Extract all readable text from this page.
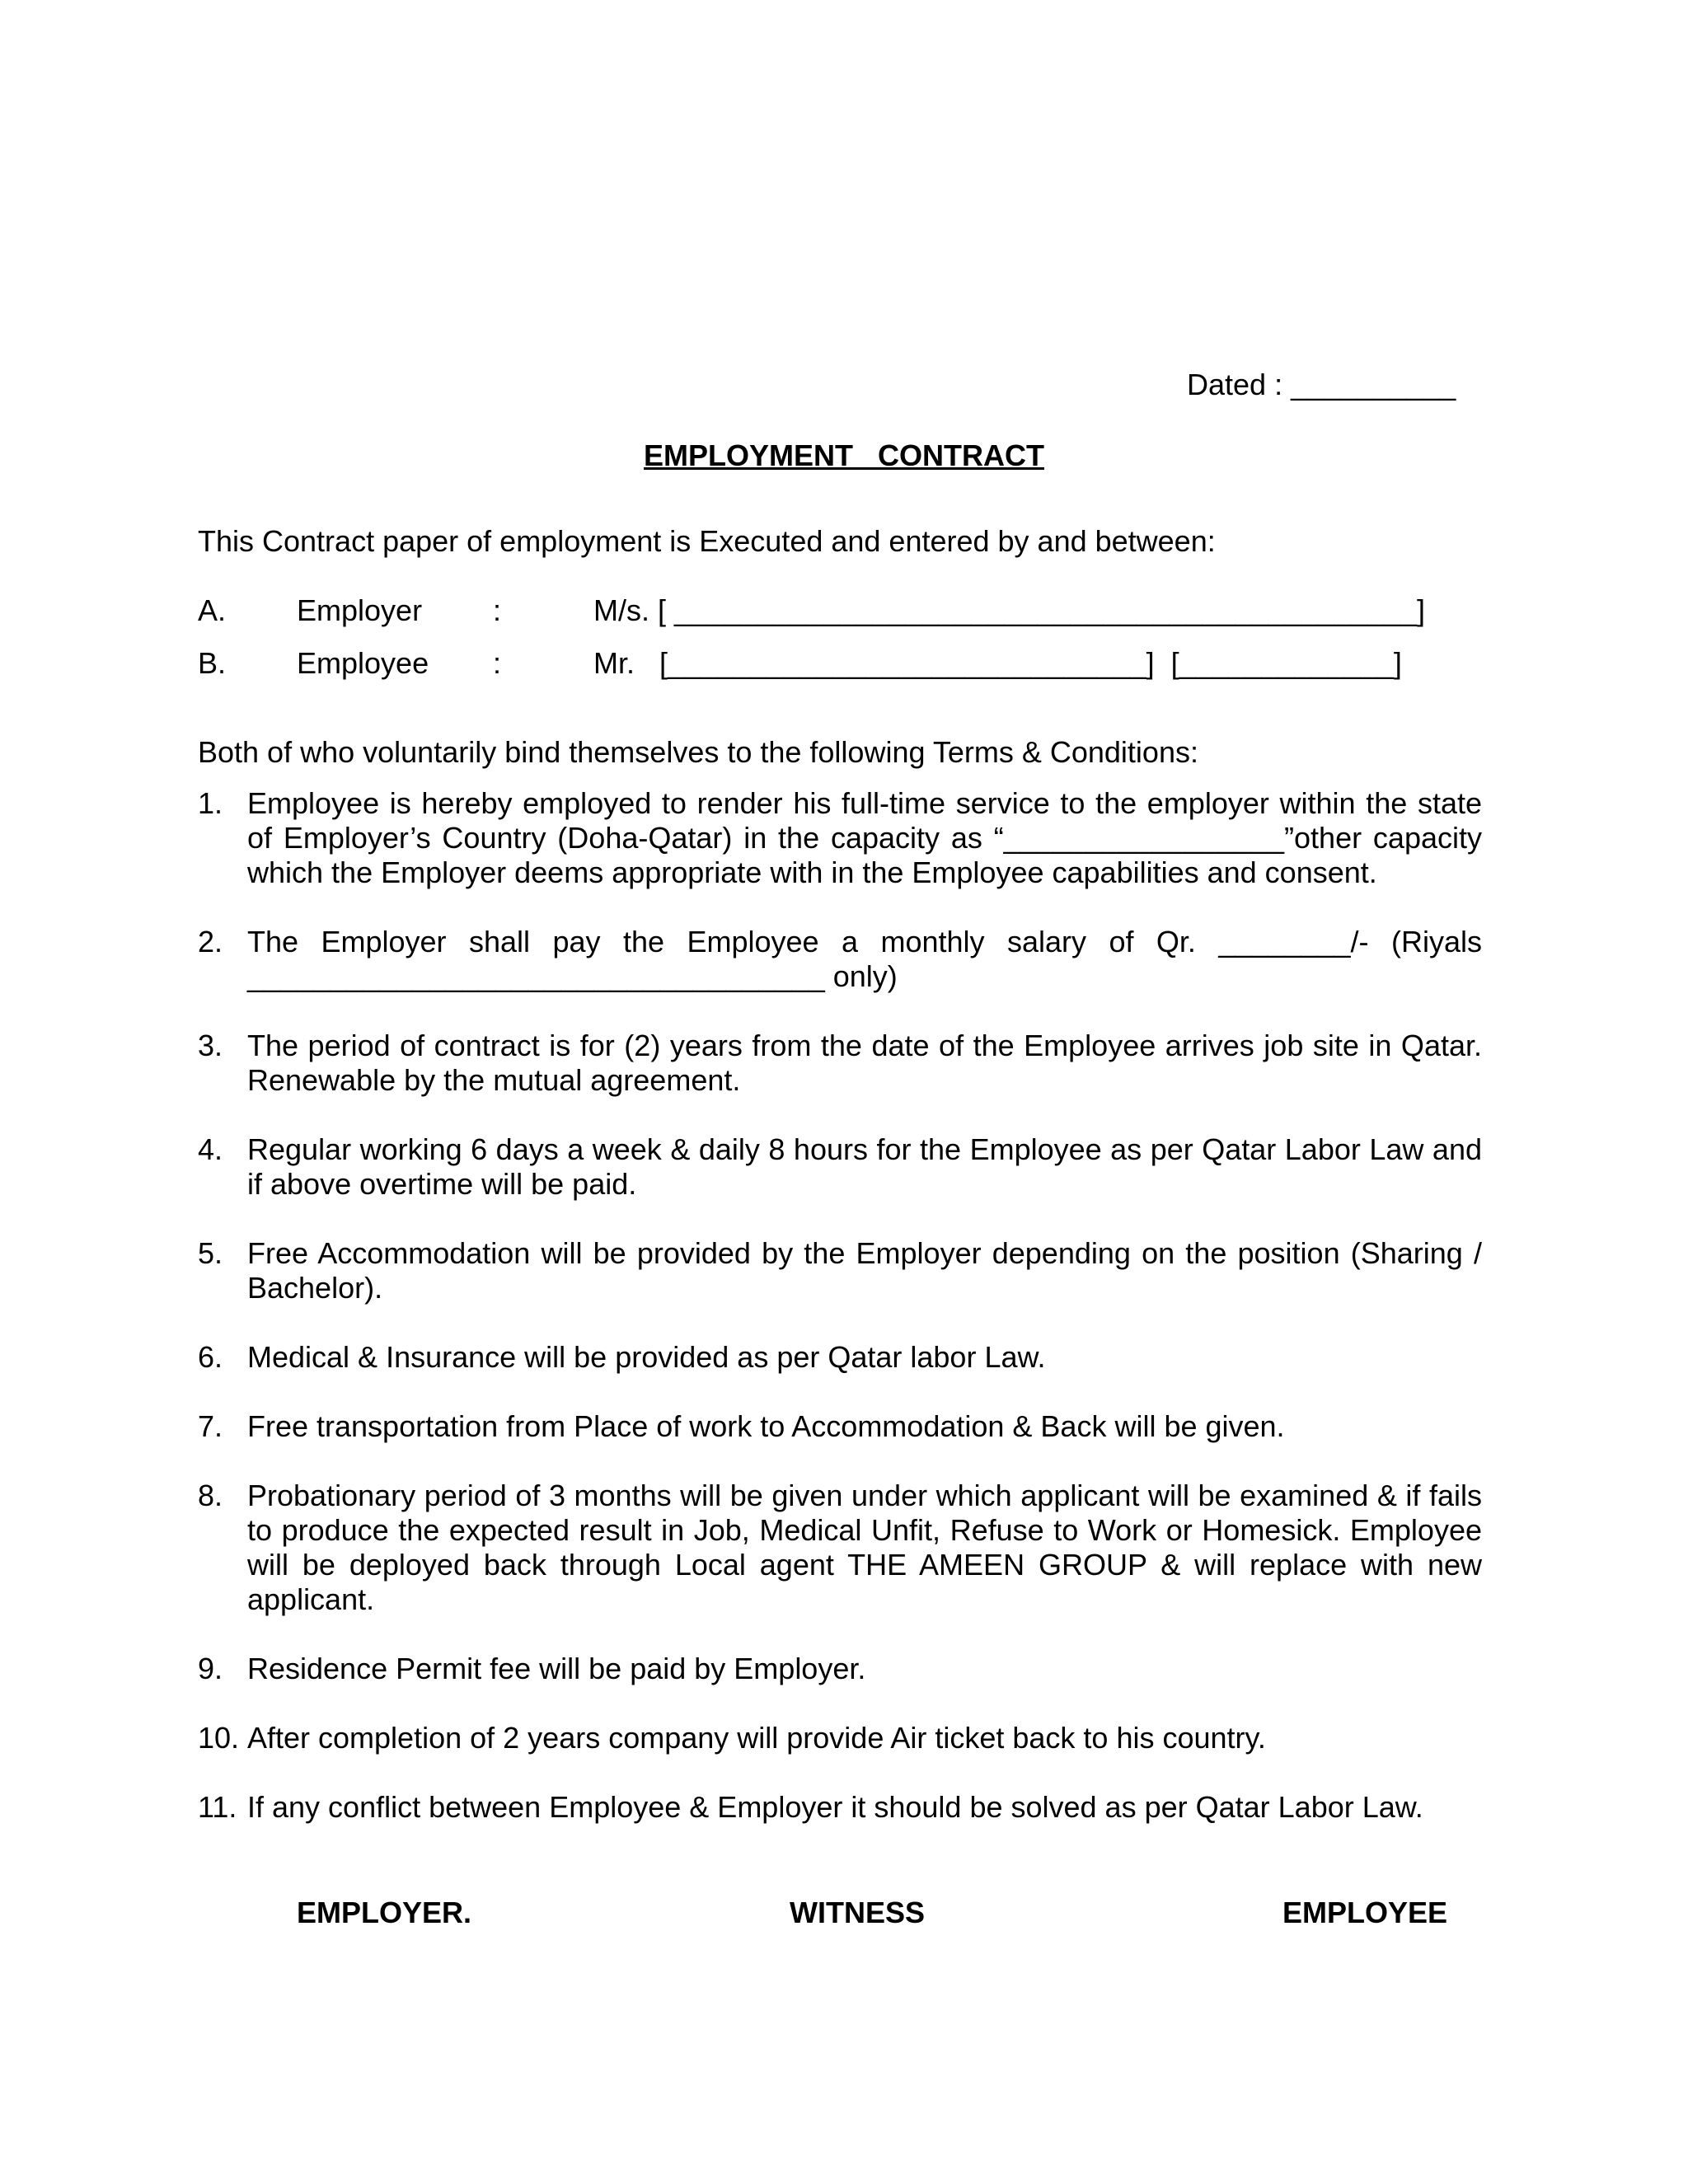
Dated : __________
EMPLOYMENT   CONTRACT
This Contract paper of employment is Executed and entered by and between:
A. Employer :	M/s. [ _____________________________________________]
B. Employee :	Mr.   [_____________________________]  [_____________]
Both of who voluntarily bind themselves to the following Terms & Conditions:
1. Employee is hereby employed to render his full-time service to the employer within the state of Employer’s Country (Doha-Qatar) in the capacity as “_________________”other capacity which the Employer deems appropriate with in the Employee capabilities and consent.
2. The Employer shall pay the Employee a monthly salary of Qr. ________/- (Riyals ___________________________________ only)
3. The period of contract is for (2) years from the date of the Employee arrives job site in Qatar. Renewable by the mutual agreement.
4. Regular working 6 days a week & daily 8 hours for the Employee as per Qatar Labor Law and if above overtime will be paid.
5. Free Accommodation will be provided by the Employer depending on the position (Sharing / Bachelor).
6. Medical & Insurance will be provided as per Qatar labor Law.
7. Free transportation from Place of work to Accommodation & Back will be given.
8. Probationary period of 3 months will be given under which applicant will be examined & if fails to produce the expected result in Job, Medical Unfit, Refuse to Work or Homesick. Employee will be deployed back through Local agent THE AMEEN GROUP & will replace with new applicant.
9. Residence Permit fee will be paid by Employer.
10. After completion of 2 years company will provide Air ticket back to his country.
11. If any conflict between Employee & Employer it should be solved as per Qatar Labor Law.
EMPLOYER.	WITNESS	EMPLOYEE
